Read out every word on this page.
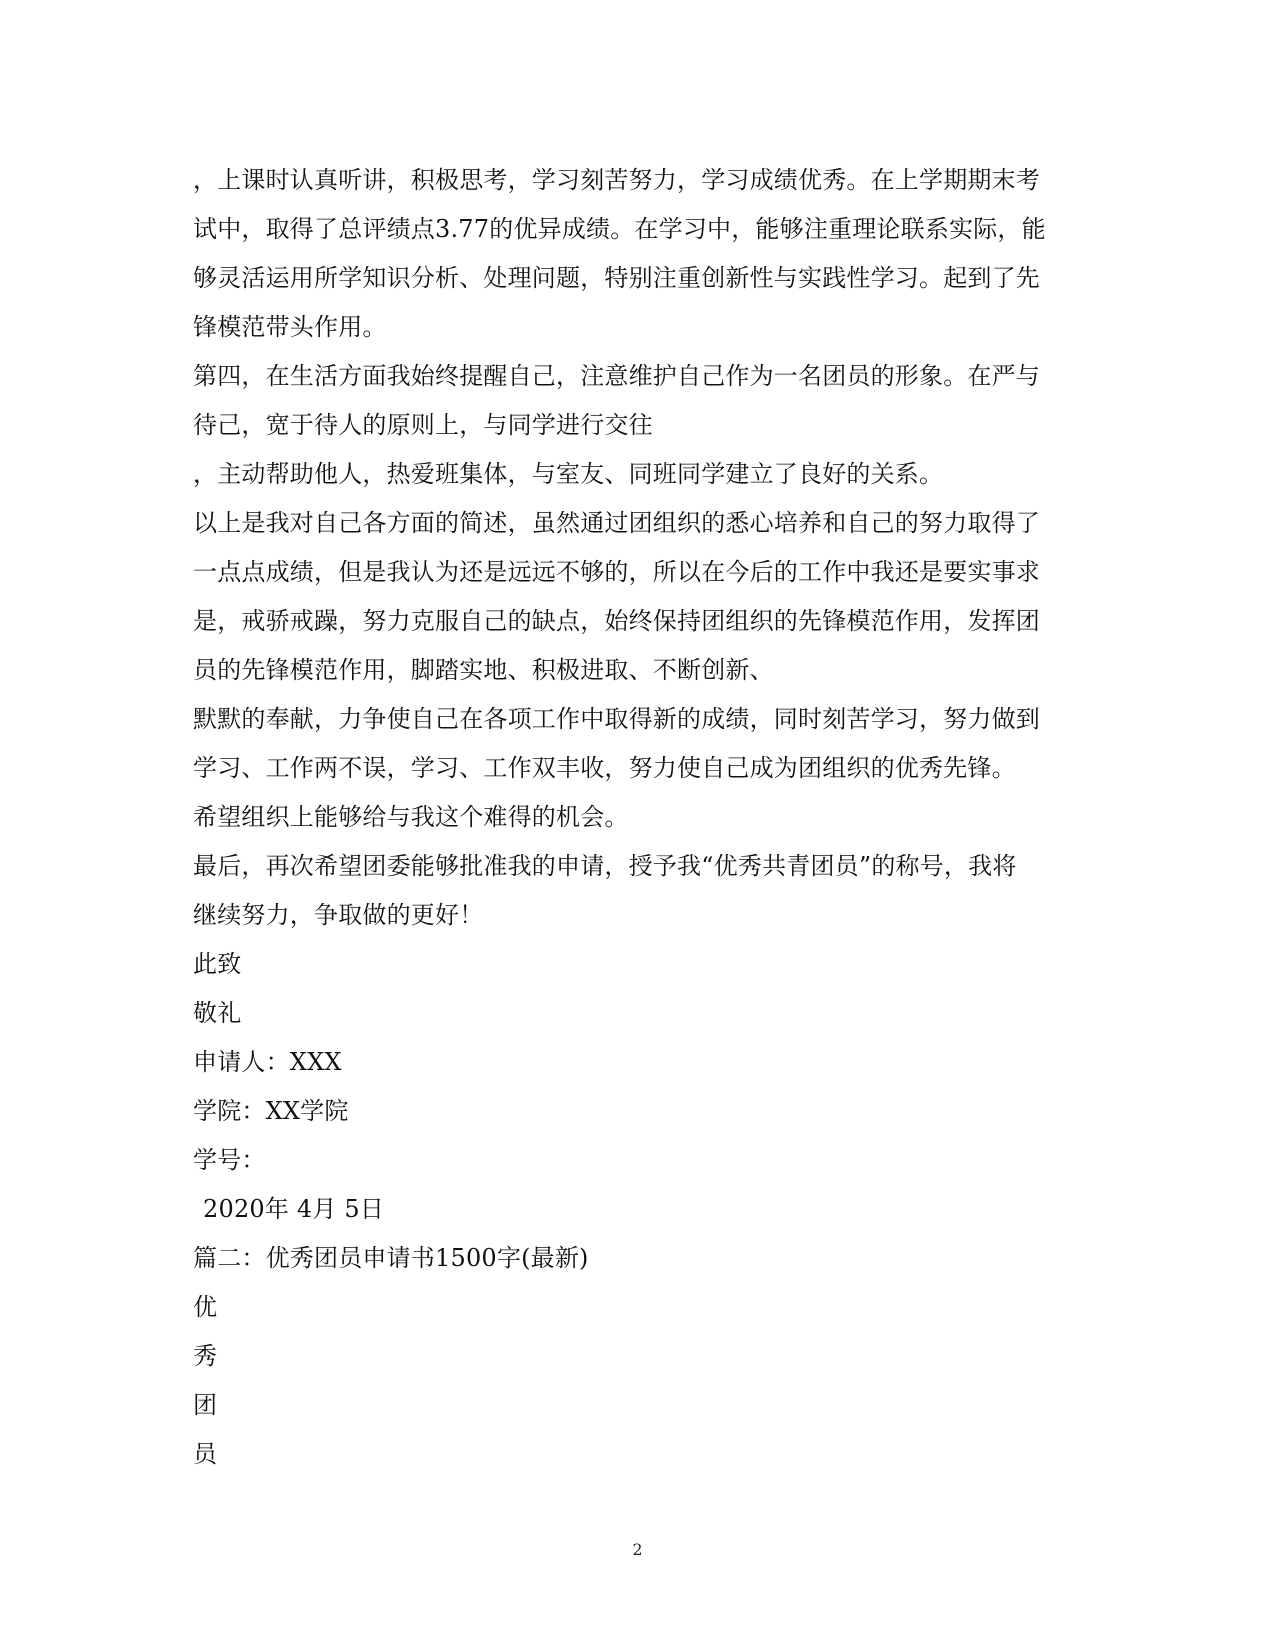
，上课时认真听讲，积极思考，学习刻苦努力，学习成绩优秀。在上学期期末考
试中，取得了总评绩点3.77的优异成绩。在学习中，能够注重理论联系实际，能
够灵活运用所学知识分析、处理问题，特别注重创新性与实践性学习。起到了先
锋模范带头作用。
第四，在生活方面我始终提醒自己，注意维护自己作为一名团员的形象。在严与
待己，宽于待人的原则上，与同学进行交往
，主动帮助他人，热爱班集体，与室友、同班同学建立了良好的关系。
以上是我对自己各方面的简述，虽然通过团组织的悉心培养和自己的努力取得了
一点点成绩，但是我认为还是远远不够的，所以在今后的工作中我还是要实事求
是，戒骄戒躁，努力克服自己的缺点，始终保持团组织的先锋模范作用，发挥团
员的先锋模范作用，脚踏实地、积极进取、不断创新、
默默的奉献，力争使自己在各项工作中取得新的成绩，同时刻苦学习，努力做到
学习、工作两不误，学习、工作双丰收，努力使自己成为团组织的优秀先锋。
希望组织上能够给与我这个难得的机会。
最后，再次希望团委能够批准我的申请，授予我“优秀共青团员”的称号，我将
继续努力，争取做的更好！
此致
敬礼
申请人：XXX
学院：XX学院
学号：
2020年 4月 5日
篇二：优秀团员申请书1500字(最新)
优
秀
团
员
2
